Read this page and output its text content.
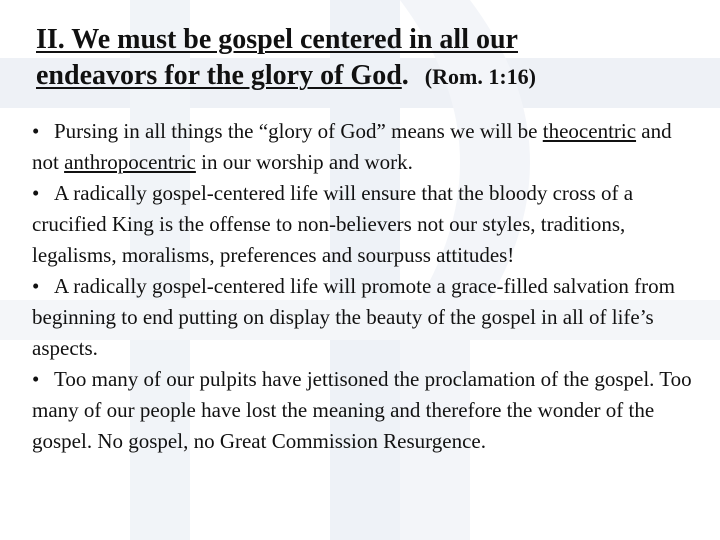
II. We must be gospel centered in all our
endeavors for the glory of God. (Rom. 1:16)

• Pursing in all things the “glory of God” means we will be theocentric and not anthropocentric in our worship and work.

• A radically gospel-centered life will ensure that the bloody cross of a crucified King is the offense to non-believers not our styles, traditions, legalisms, moralisms, preferences and sourpuss attitudes!

• A radically gospel-centered life will promote a grace-filled salvation from beginning to end putting on display the beauty of the gospel in all of life’s aspects.

• Too many of our pulpits have jettisoned the proclamation of the gospel. Too many of our people have lost the meaning and therefore the wonder of the gospel. No gospel, no Great Commission Resurgence.
